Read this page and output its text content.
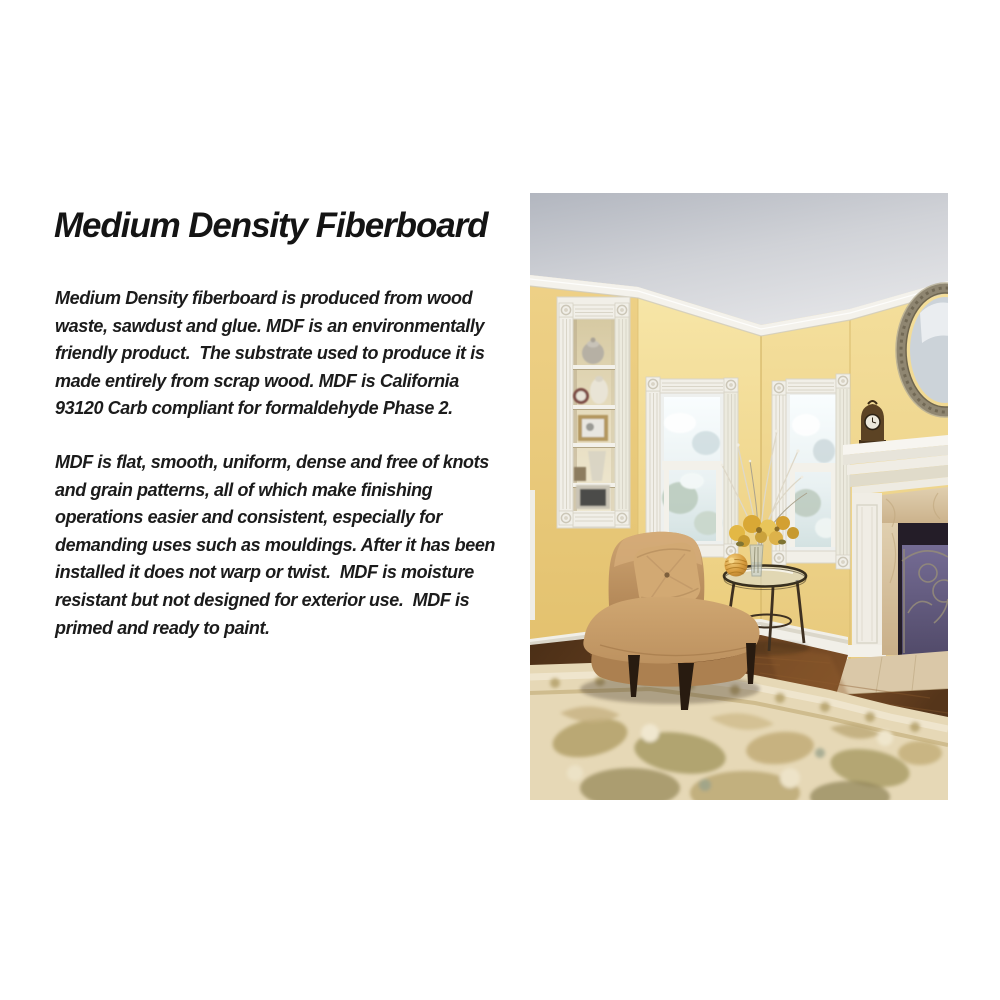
Medium Density Fiberboard
Medium Density fiberboard is produced from wood
waste, sawdust and glue. MDF is an environmentally
friendly product.  The substrate used to produce it is
made entirely from scrap wood. MDF is California
93120 Carb compliant for formaldehyde Phase 2.
MDF is flat, smooth, uniform, dense and free of knots
and grain patterns, all of which make finishing
operations easier and consistent, especially for
demanding uses such as mouldings. After it has been
installed it does not warp or twist.  MDF is moisture
resistant but not designed for exterior use.  MDF is
primed and ready to paint.
